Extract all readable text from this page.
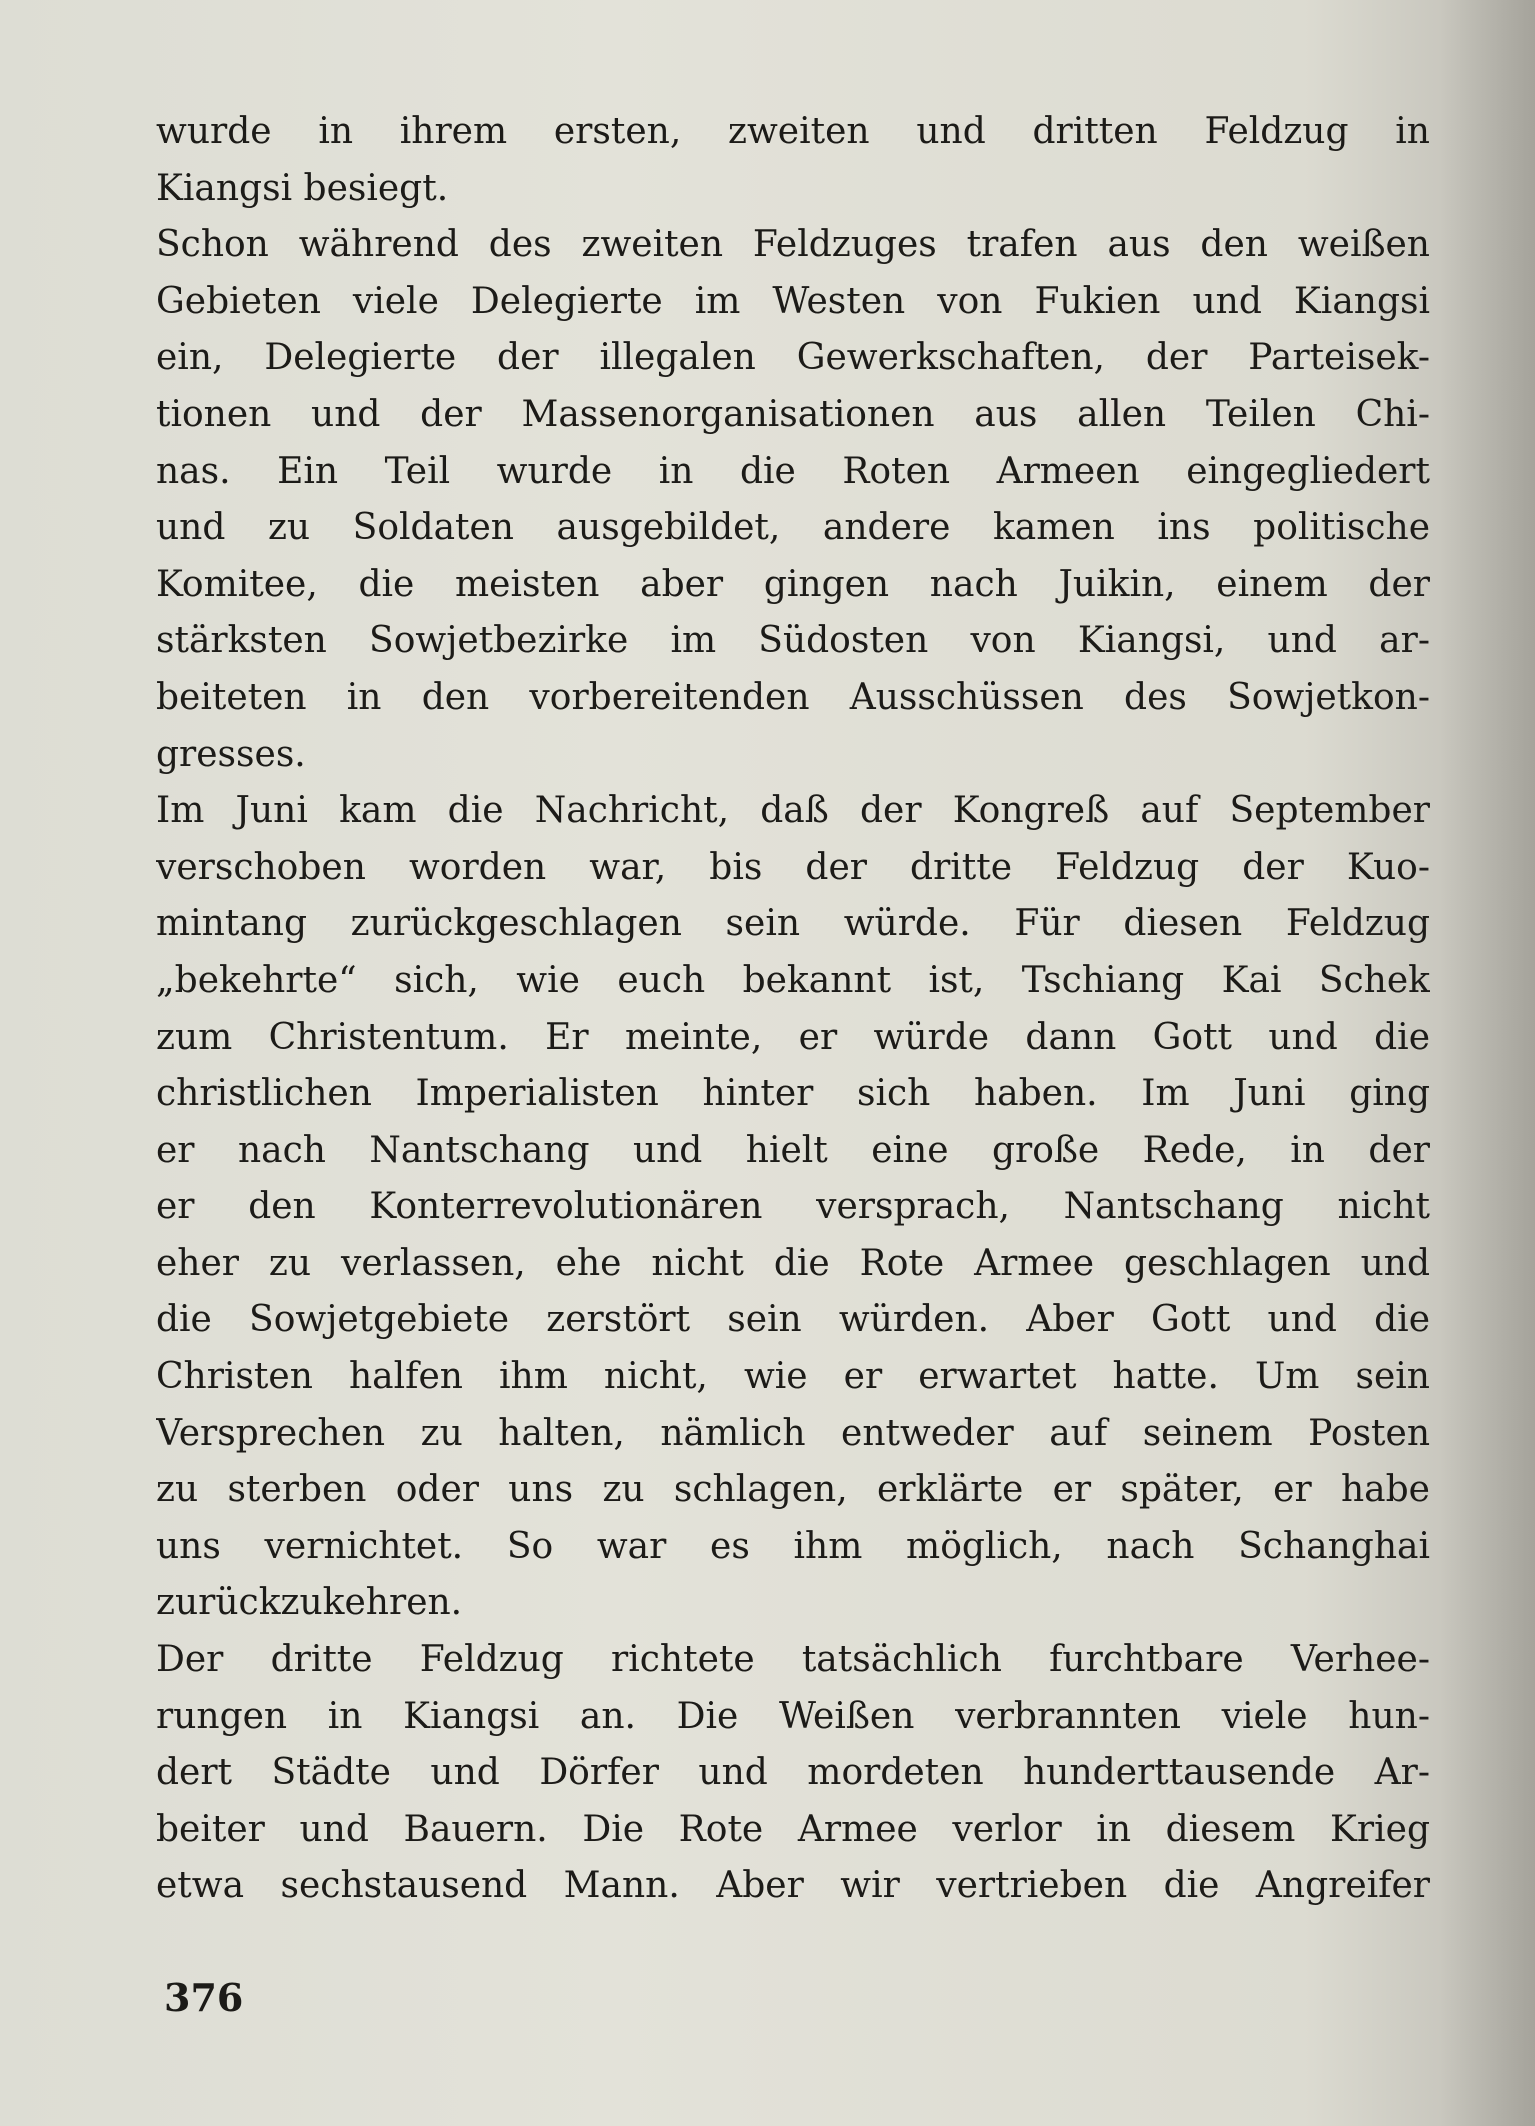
wurde in ihrem ersten, zweiten und dritten Feldzug in
Kiangsi besiegt.
Schon während des zweiten Feldzuges trafen aus den weißen
Gebieten viele Delegierte im Westen von Fukien und Kiangsi
ein, Delegierte der illegalen Gewerkschaften, der Parteisek-
tionen und der Massenorganisationen aus allen Teilen Chi-
nas. Ein Teil wurde in die Roten Armeen eingegliedert
und zu Soldaten ausgebildet, andere kamen ins politische
Komitee, die meisten aber gingen nach Juikin, einem der
stärksten Sowjetbezirke im Südosten von Kiangsi, und ar-
beiteten in den vorbereitenden Ausschüssen des Sowjetkon-
gresses.
Im Juni kam die Nachricht, daß der Kongreß auf September
verschoben worden war, bis der dritte Feldzug der Kuo-
mintang zurückgeschlagen sein würde. Für diesen Feldzug
„bekehrte“ sich, wie euch bekannt ist, Tschiang Kai Schek
zum Christentum. Er meinte, er würde dann Gott und die
christlichen Imperialisten hinter sich haben. Im Juni ging
er nach Nantschang und hielt eine große Rede, in der
er den Konterrevolutionären versprach, Nantschang nicht
eher zu verlassen, ehe nicht die Rote Armee geschlagen und
die Sowjetgebiete zerstört sein würden. Aber Gott und die
Christen halfen ihm nicht, wie er erwartet hatte. Um sein
Versprechen zu halten, nämlich entweder auf seinem Posten
zu sterben oder uns zu schlagen, erklärte er später, er habe
uns vernichtet. So war es ihm möglich, nach Schanghai
zurückzukehren.
Der dritte Feldzug richtete tatsächlich furchtbare Verhee-
rungen in Kiangsi an. Die Weißen verbrannten viele hun-
dert Städte und Dörfer und mordeten hunderttausende Ar-
beiter und Bauern. Die Rote Armee verlor in diesem Krieg
etwa sechstausend Mann. Aber wir vertrieben die Angreifer
376
